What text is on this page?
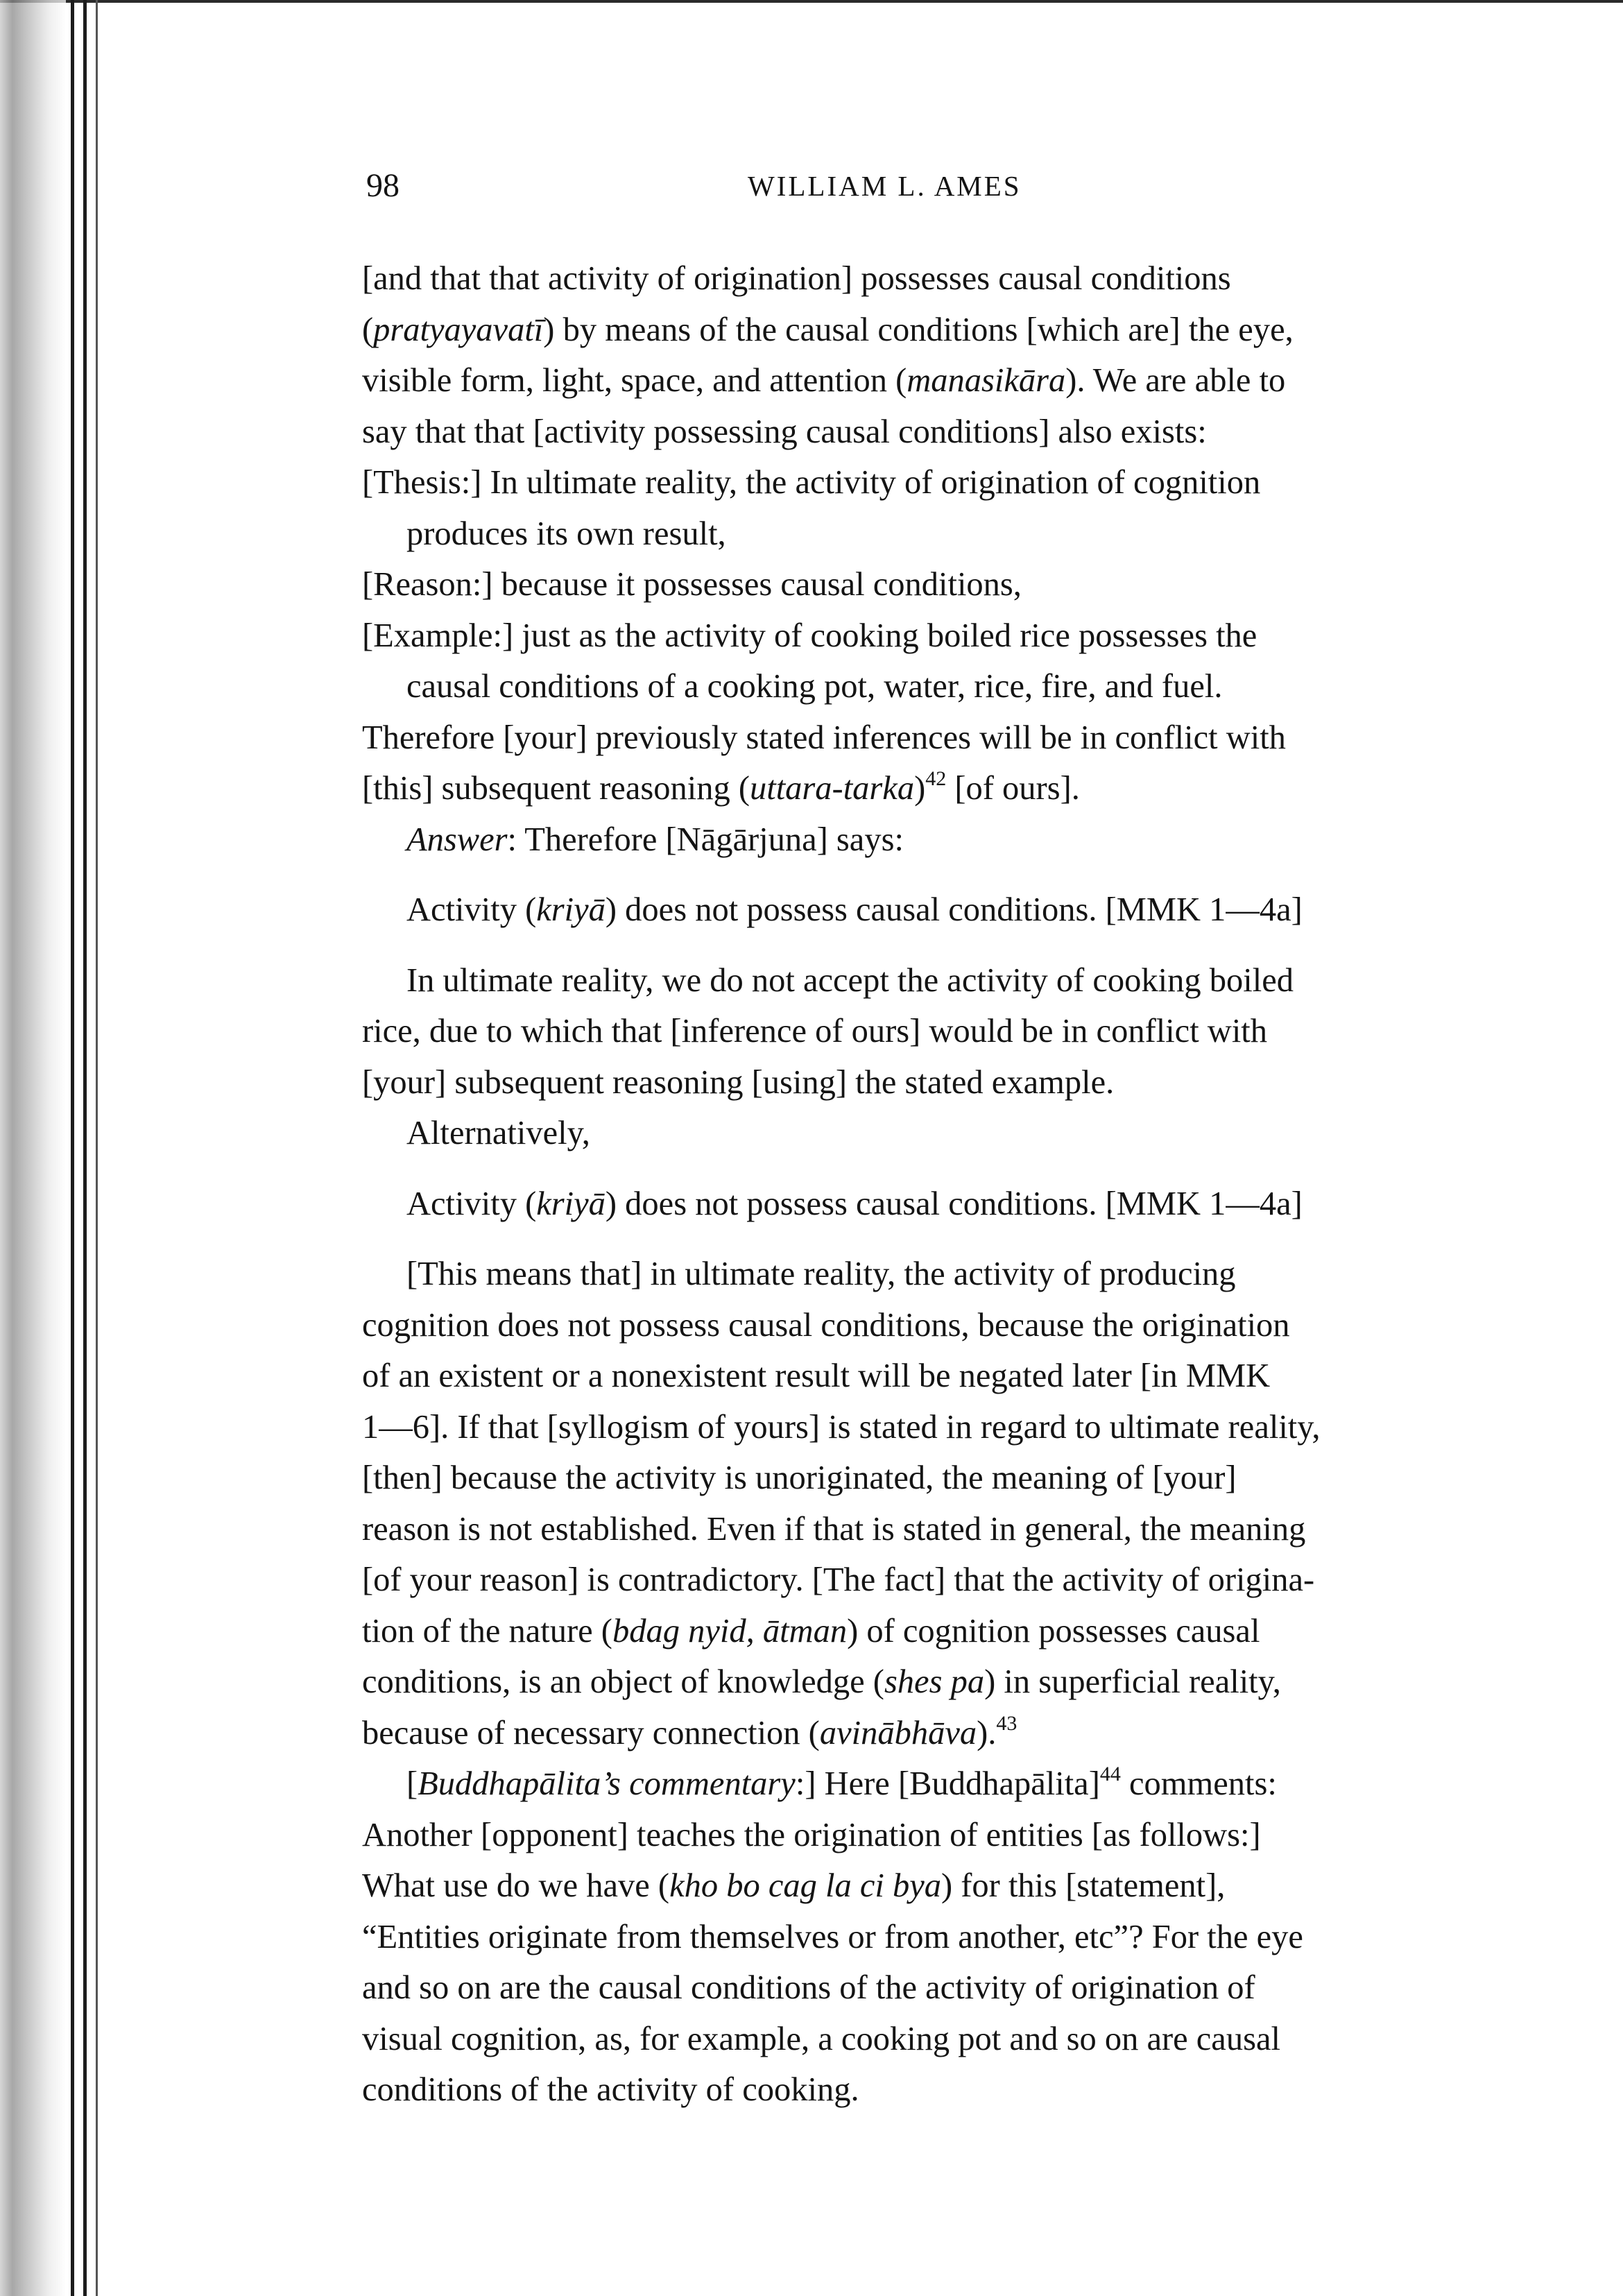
98	WILLIAM L. AMES

[and that that activity of origination] possesses causal conditions
(pratyayavatī) by means of the causal conditions [which are] the eye,
visible form, light, space, and attention (manasikāra). We are able to
say that that [activity possessing causal conditions] also exists:

[Thesis:] In ultimate reality, the activity of origination of cognition
produces its own result,
[Reason:] because it possesses causal conditions,
[Example:] just as the activity of cooking boiled rice possesses the
causal conditions of a cooking pot, water, rice, fire, and fuel.

Therefore [your] previously stated inferences will be in conflict with
[this] subsequent reasoning (uttara-tarka)$^{42}$ [of ours].
Answer: Therefore [Nāgārjuna] says:

Activity (kriyā) does not possess causal conditions. [MMK 1—4a]

In ultimate reality, we do not accept the activity of cooking boiled
rice, due to which that [inference of ours] would be in conflict with
[your] subsequent reasoning [using] the stated example.
Alternatively,

Activity (kriyā) does not possess causal conditions. [MMK 1—4a]

[This means that] in ultimate reality, the activity of producing
cognition does not possess causal conditions, because the origination
of an existent or a nonexistent result will be negated later [in MMK
1—6]. If that [syllogism of yours] is stated in regard to ultimate reality,
[then] because the activity is unoriginated, the meaning of [your]
reason is not established. Even if that is stated in general, the meaning
[of your reason] is contradictory. [The fact] that the activity of origina-
tion of the nature (bdag nyid, ātman) of cognition possesses causal
conditions, is an object of knowledge (shes pa) in superficial reality,
because of necessary connection (avinābhāva).$^{43}$

[Buddhapālita’s commentary:] Here [Buddhapālita]$^{44}$ comments:
Another [opponent] teaches the origination of entities [as follows:]
What use do we have (kho bo cag la ci bya) for this [statement],
“Entities originate from themselves or from another, etc”? For the eye
and so on are the causal conditions of the activity of origination of
visual cognition, as, for example, a cooking pot and so on are causal
conditions of the activity of cooking.
